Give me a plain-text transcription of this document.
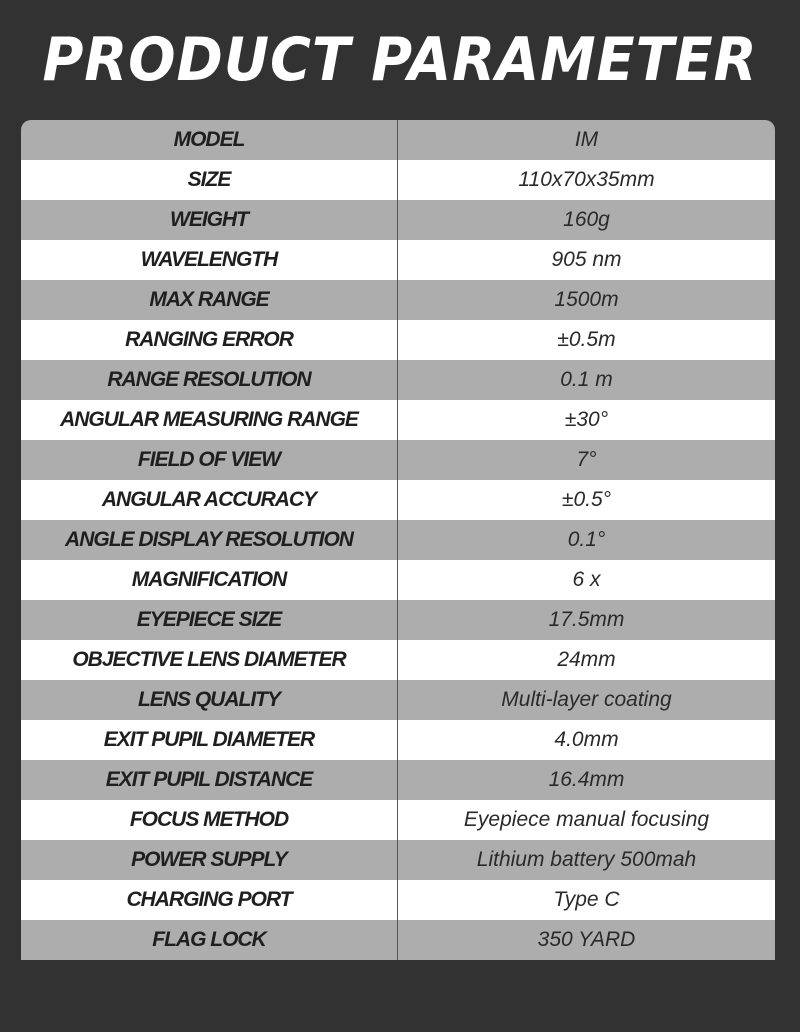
PRODUCT PARAMETER
MODEL	IM
SIZE	110x70x35mm
WEIGHT	160g
WAVELENGTH	905 nm
MAX RANGE	1500m
RANGING ERROR	±0.5m
RANGE RESOLUTION	0.1 m
ANGULAR MEASURING RANGE	±30°
FIELD OF VIEW	7°
ANGULAR ACCURACY	±0.5°
ANGLE DISPLAY RESOLUTION	0.1°
MAGNIFICATION	6 x
EYEPIECE SIZE	17.5mm
OBJECTIVE LENS DIAMETER	24mm
LENS QUALITY	Multi-layer coating
EXIT PUPIL DIAMETER	4.0mm
EXIT PUPIL DISTANCE	16.4mm
FOCUS METHOD	Eyepiece manual focusing
POWER SUPPLY	Lithium battery 500mah
CHARGING PORT	Type C
FLAG LOCK	350 YARD
